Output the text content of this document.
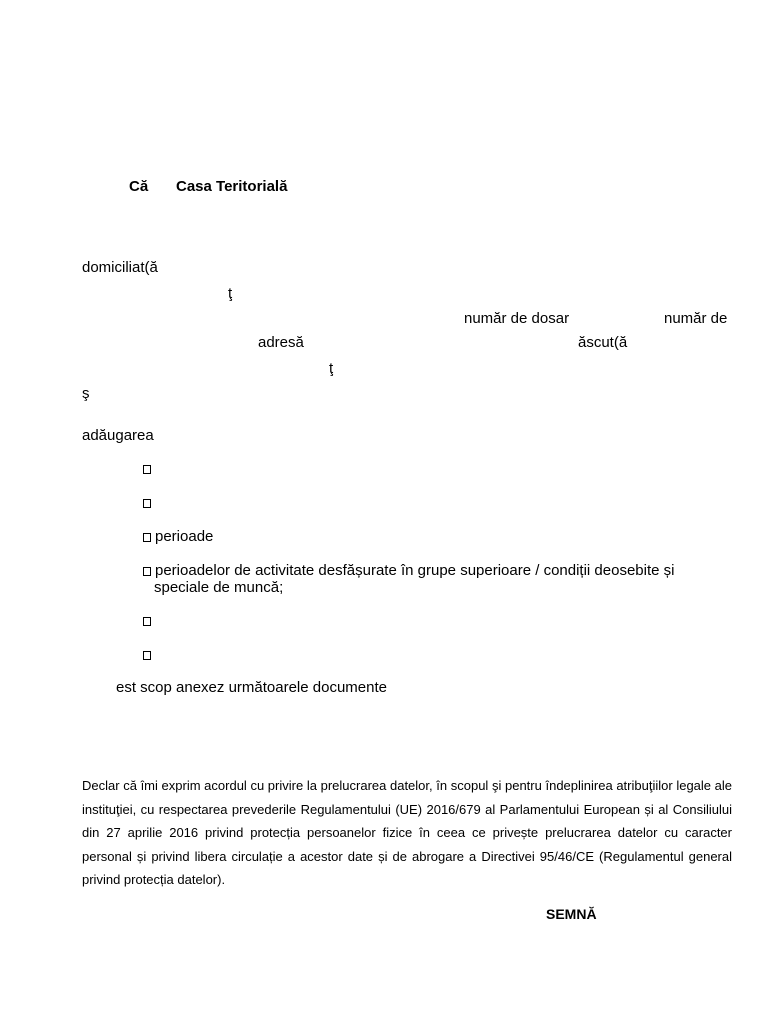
Că Casa Teritorială
domiciliat(ă
ţ
număr de dosar	număr de
adresă	ăscut(ă
ţ
ş
adăugarea
perioade
perioadelor de activitate desfășurate în grupe superioare / condiții deosebite și
speciale de muncă;
est scop anexez următoarele documente
Declar că îmi exprim acordul cu privire la prelucrarea datelor, în scopul şi pentru îndeplinirea atribuţiilor legale ale instituţiei, cu respectarea prevederile Regulamentului (UE) 2016/679 al Parlamentului European și al Consiliului din 27 aprilie 2016 privind protecția persoanelor fizice în ceea ce privește prelucrarea datelor cu caracter personal și privind libera circulație a acestor date și de abrogare a Directivei 95/46/CE (Regulamentul general privind protecția datelor).
SEMNĂ
